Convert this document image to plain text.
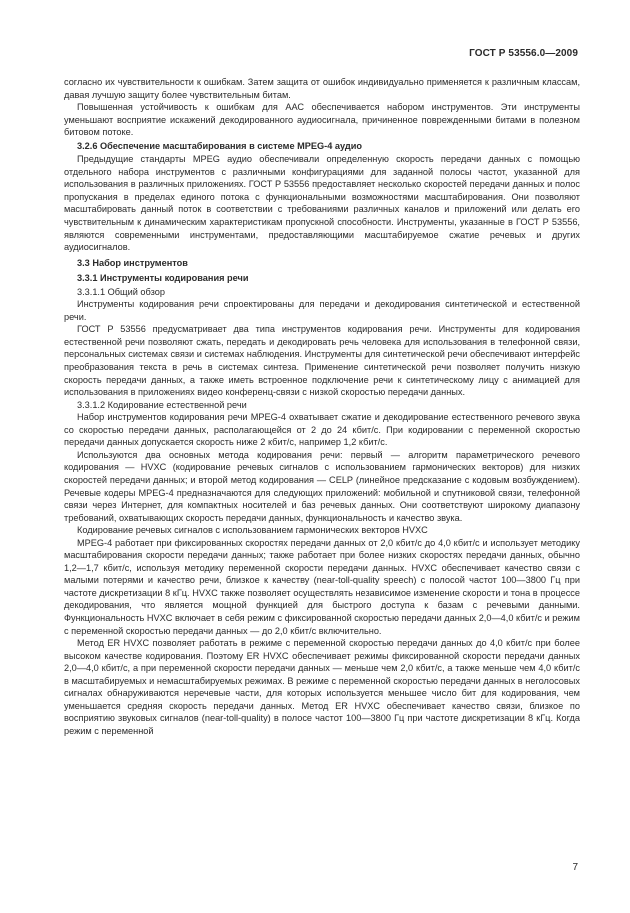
ГОСТ Р 53556.0—2009

согласно их чувствительности к ошибкам. Затем защита от ошибок индивидуально применяется к различным классам, давая лучшую защиту более чувствительным битам.

Повышенная устойчивость к ошибкам для ААС обеспечивается набором инструментов. Эти инструменты уменьшают восприятие искажений декодированного аудиосигнала, причиненное поврежденными битами в полезном битовом потоке.

3.2.6 Обеспечение масштабирования в системе MPEG-4 аудио

Предыдущие стандарты MPEG аудио обеспечивали определенную скорость передачи данных с помощью отдельного набора инструментов с различными конфигурациями для заданной полосы частот, указанной для использования в различных приложениях. ГОСТ Р 53556 предоставляет несколько скоростей передачи данных и полос пропускания в пределах единого потока с функциональными возможностями масштабирования. Они позволяют масштабировать данный поток в соответствии с требованиями различных каналов и приложений или делать его чувствительным к динамическим характеристикам пропускной способности. Инструменты, указанные в ГОСТ Р 53556, являются современными инструментами, предоставляющими масштабируемое сжатие речевых и других аудиосигналов.

3.3 Набор инструментов

3.3.1 Инструменты кодирования речи

3.3.1.1 Общий обзор

Инструменты кодирования речи спроектированы для передачи и декодирования синтетической и естественной речи.

ГОСТ Р 53556 предусматривает два типа инструментов кодирования речи. Инструменты для кодирования естественной речи позволяют сжать, передать и декодировать речь человека для использования в телефонной связи, персональных системах связи и системах наблюдения. Инструменты для синтетической речи обеспечивают интерфейс преобразования текста в речь в системах синтеза. Применение синтетической речи позволяет получить низкую скорость передачи данных, а также иметь встроенное подключение речи к синтетическому лицу с анимацией для использования в приложениях видео конференц-связи с низкой скоростью передачи данных.

3.3.1.2 Кодирование естественной речи

Набор инструментов кодирования речи MPEG-4 охватывает сжатие и декодирование естественного речевого звука со скоростью передачи данных, располагающейся от 2 до 24 кбит/с. При кодировании с переменной скоростью передачи данных допускается скорость ниже 2 кбит/с, например 1,2 кбит/с.

Используются два основных метода кодирования речи: первый — алгоритм параметрического речевого кодирования — HVXC (кодирование речевых сигналов с использованием гармонических векторов) для низких скоростей передачи данных; и второй метод кодирования — CELP (линейное предсказание с кодовым возбуждением). Речевые кодеры MPEG-4 предназначаются для следующих приложений: мобильной и спутниковой связи, телефонной связи через Интернет, для компактных носителей и баз речевых данных. Они соответствуют широкому диапазону требований, охватывающих скорость передачи данных, функциональность и качество звука.

Кодирование речевых сигналов с использованием гармонических векторов HVXC

MPEG-4 работает при фиксированных скоростях передачи данных от 2,0 кбит/с до 4,0 кбит/с и использует методику масштабирования скорости передачи данных; также работает при более низких скоростях передачи данных, обычно 1,2—1,7 кбит/с, используя методику переменной скорости передачи данных. HVXC обеспечивает качество связи с малыми потерями и качество речи, близкое к качеству (near-toll-quality speech) с полосой частот 100—3800 Гц при частоте дискретизации 8 кГц. HVXC также позволяет осуществлять независимое изменение скорости и тона в процессе декодирования, что является мощной функцией для быстрого доступа к базам с речевыми данными. Функциональность HVXC включает в себя режим с фиксированной скоростью передачи данных 2,0—4,0 кбит/с и режим с переменной скоростью передачи данных — до 2,0 кбит/с включительно.

Метод ER HVXC позволяет работать в режиме с переменной скоростью передачи данных до 4,0 кбит/с при более высоком качестве кодирования. Поэтому ER HVXC обеспечивает режимы фиксированной скорости передачи данных 2,0—4,0 кбит/с, а при переменной скорости передачи данных — меньше чем 2,0 кбит/с, а также меньше чем 4,0 кбит/с в масштабируемых и немасштабируемых режимах. В режиме с переменной скоростью передачи данных в неголосовых сигналах обнаруживаются неречевые части, для которых используется меньшее число бит для кодирования, чем уменьшается средняя скорость передачи данных. Метод ER HVXC обеспечивает качество связи, близкое по восприятию звуковых сигналов (near-toll-quality) в полосе частот 100—3800 Гц при частоте дискретизации 8 кГц. Когда режим с переменной

7
